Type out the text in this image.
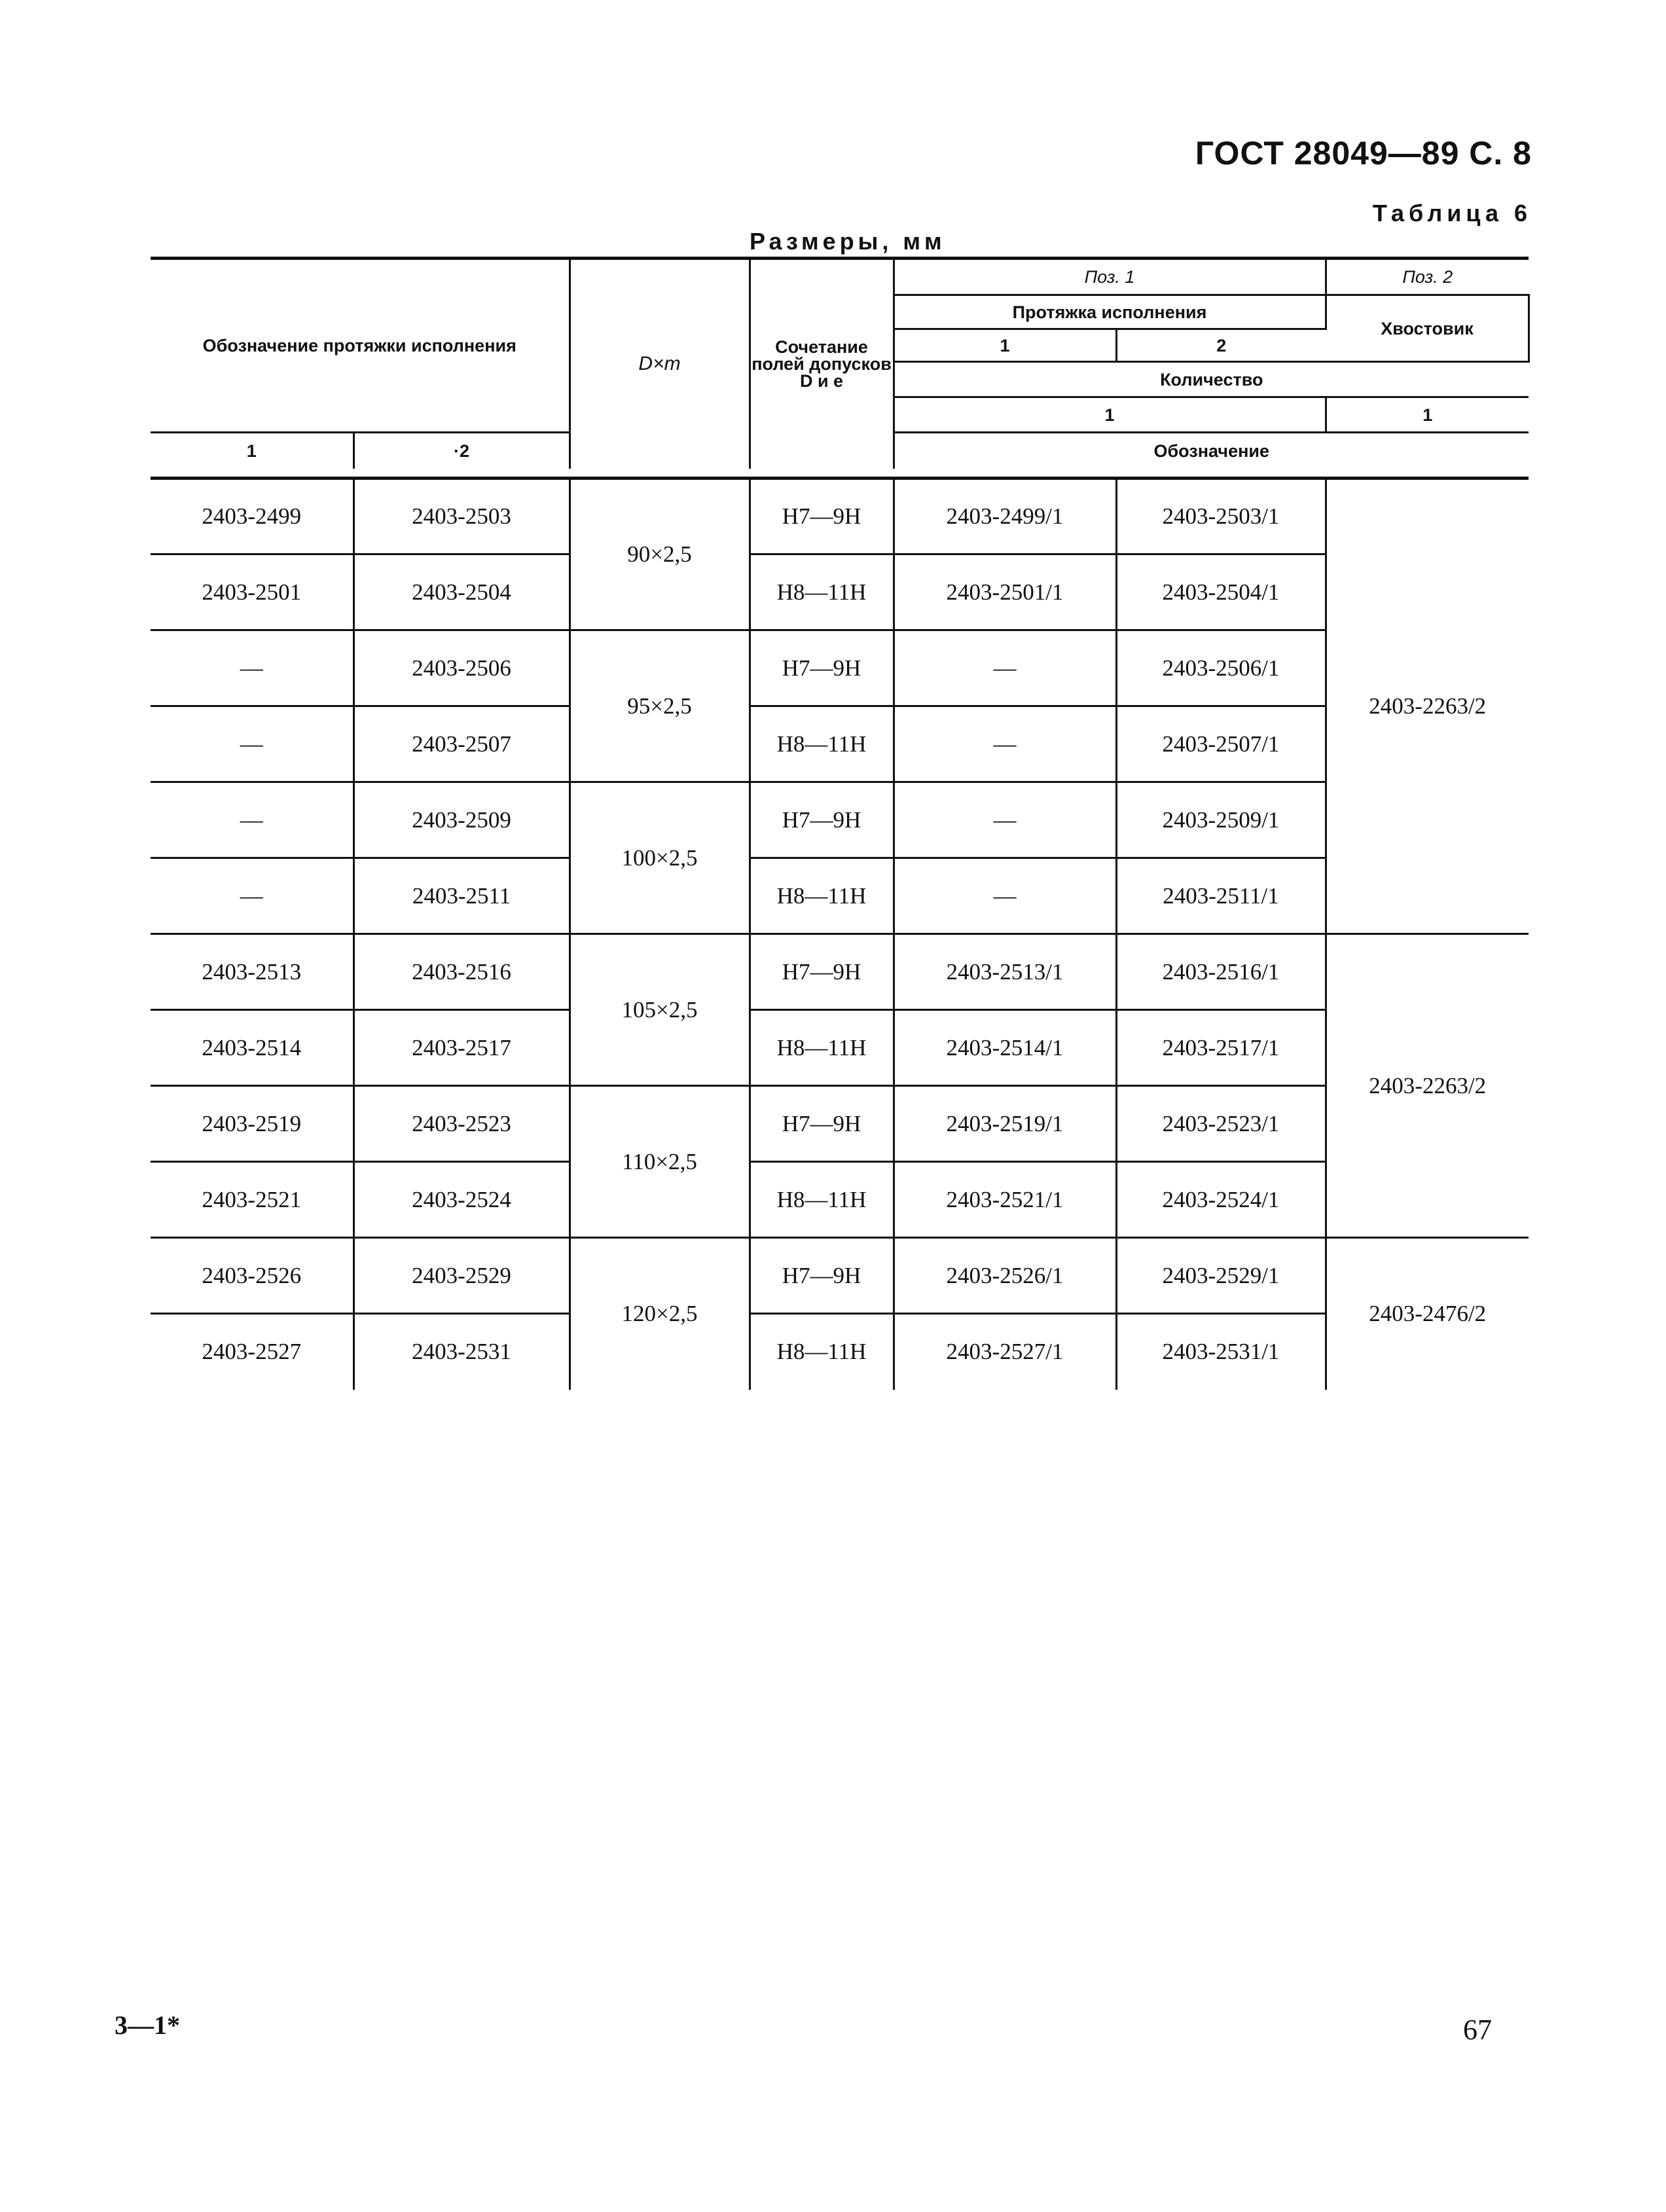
ГОСТ 28049—89 С. 8
Таблица 6
Размеры, мм
Обозначение протяжки исполнения		D×m	Сочетание полей допусков D и e	Поз. 1		Поз. 2
				Протяжка исполнения		Хвостовик
				1	2	
				Количество		
				1		1
1	·2			Обозначение		
2403-2499	2403-2503	90×2,5	Н7—9Н	2403-2499/1	2403-2503/1	2403-2263/2
2403-2501	2403-2504		Н8—11Н	2403-2501/1	2403-2504/1	
—	2403-2506	95×2,5	Н7—9Н	—	2403-2506/1	
—	2403-2507		Н8—11Н	—	2403-2507/1	
—	2403-2509	100×2,5	Н7—9Н	—	2403-2509/1	
—	2403-2511		Н8—11Н	—	2403-2511/1	
2403-2513	2403-2516	105×2,5	Н7—9Н	2403-2513/1	2403-2516/1	2403-2263/2
2403-2514	2403-2517		Н8—11Н	2403-2514/1	2403-2517/1	
2403-2519	2403-2523	110×2,5	Н7—9Н	2403-2519/1	2403-2523/1	
2403-2521	2403-2524		Н8—11Н	2403-2521/1	2403-2524/1	
2403-2526	2403-2529	120×2,5	Н7—9Н	2403-2526/1	2403-2529/1	2403-2476/2
2403-2527	2403-2531		Н8—11Н	2403-2527/1	2403-2531/1	
3—1*	67
